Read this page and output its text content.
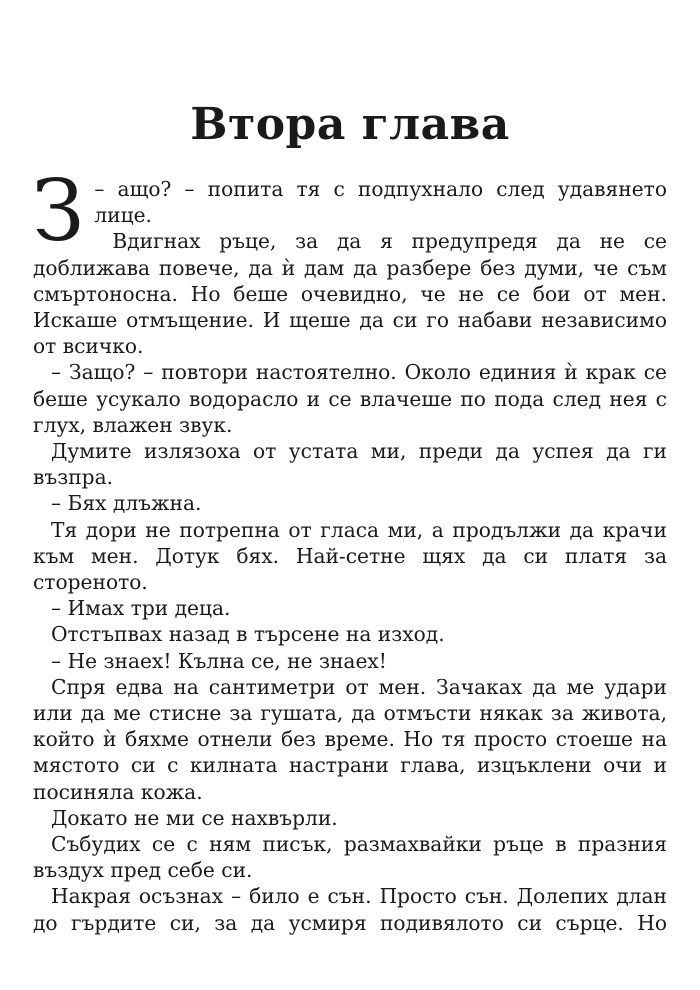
Втора глава

З – ащо? – попита тя с подпухнало след удавянето лице.

Вдигнах ръце, за да я предупредя да не се доближава повече, да ѝ дам да разбере без думи, че съм смъртоносна. Но беше очевидно, че не се бои от мен. Искаше отмъщение. И щеше да си го набави независимо от всичко.

– Защо? – повтори настоятелно. Около единия ѝ крак се беше усукало водорасло и се влачеше по пода след нея с глух, влажен звук.

Думите излязоха от устата ми, преди да успея да ги възпра.

– Бях длъжна.

Тя дори не потрепна от гласа ми, а продължи да крачи към мен. Дотук бях. Най-сетне щях да си платя за стореното.

– Имах три деца.

Отстъпвах назад в търсене на изход.

– Не знаех! Кълна се, не знаех!

Спря едва на сантиметри от мен. Зачаках да ме удари или да ме стисне за гушата, да отмъсти някак за живота, който ѝ бяхме отнели без време. Но тя просто стоеше на мястото си с килната настрани глава, изцъклени очи и посиняла кожа.

Докато не ми се нахвърли.

Събудих се с ням писък, размахвайки ръце в празния въздух пред себе си.

Накрая осъзнах – било е сън. Просто сън. Долепих длан до гърдите си, за да усмиря подивялото си сърце. Но
